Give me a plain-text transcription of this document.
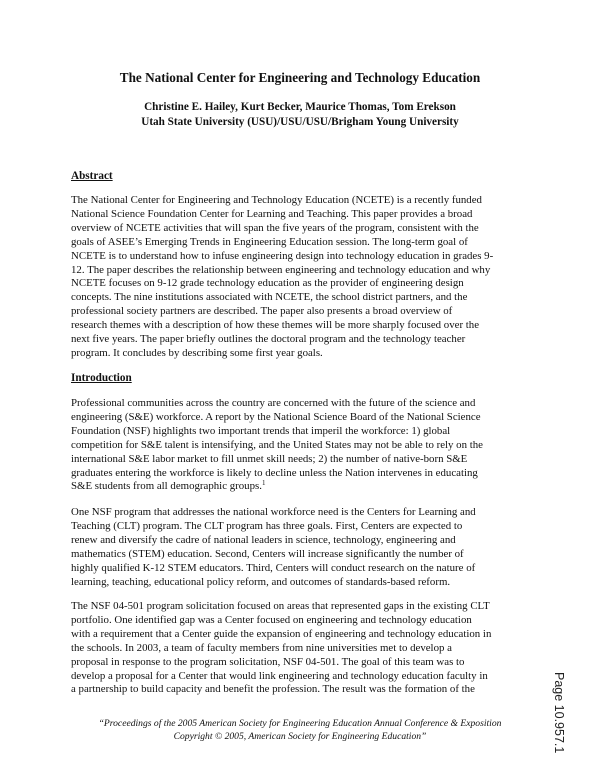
The National Center for Engineering and Technology Education
Christine E. Hailey, Kurt Becker, Maurice Thomas, Tom Erekson
Utah State University (USU)/USU/USU/Brigham Young University
Abstract
The National Center for Engineering and Technology Education (NCETE) is a recently funded
National Science Foundation Center for Learning and Teaching. This paper provides a broad
overview of NCETE activities that will span the five years of the program, consistent with the
goals of ASEE’s Emerging Trends in Engineering Education session. The long-term goal of
NCETE is to understand how to infuse engineering design into technology education in grades 9-
12. The paper describes the relationship between engineering and technology education and why
NCETE focuses on 9-12 grade technology education as the provider of engineering design
concepts. The nine institutions associated with NCETE, the school district partners, and the
professional society partners are described. The paper also presents a broad overview of
research themes with a description of how these themes will be more sharply focused over the
next five years. The paper briefly outlines the doctoral program and the technology teacher
program. It concludes by describing some first year goals.
Introduction
Professional communities across the country are concerned with the future of the science and
engineering (S&E) workforce. A report by the National Science Board of the National Science
Foundation (NSF) highlights two important trends that imperil the workforce: 1) global
competition for S&E talent is intensifying, and the United States may not be able to rely on the
international S&E labor market to fill unmet skill needs; 2) the number of native-born S&E
graduates entering the workforce is likely to decline unless the Nation intervenes in educating
S&E students from all demographic groups.$^1$
One NSF program that addresses the national workforce need is the Centers for Learning and
Teaching (CLT) program. The CLT program has three goals. First, Centers are expected to
renew and diversify the cadre of national leaders in science, technology, engineering and
mathematics (STEM) education. Second, Centers will increase significantly the number of
highly qualified K-12 STEM educators. Third, Centers will conduct research on the nature of
learning, teaching, educational policy reform, and outcomes of standards-based reform.
The NSF 04-501 program solicitation focused on areas that represented gaps in the existing CLT
portfolio. One identified gap was a Center focused on engineering and technology education
with a requirement that a Center guide the expansion of engineering and technology education in
the schools. In 2003, a team of faculty members from nine universities met to develop a
proposal in response to the program solicitation, NSF 04-501. The goal of this team was to
develop a proposal for a Center that would link engineering and technology education faculty in
a partnership to build capacity and benefit the profession. The result was the formation of the
“Proceedings of the 2005 American Society for Engineering Education Annual Conference & Exposition
Copyright © 2005, American Society for Engineering Education”	Page 10.957.1
